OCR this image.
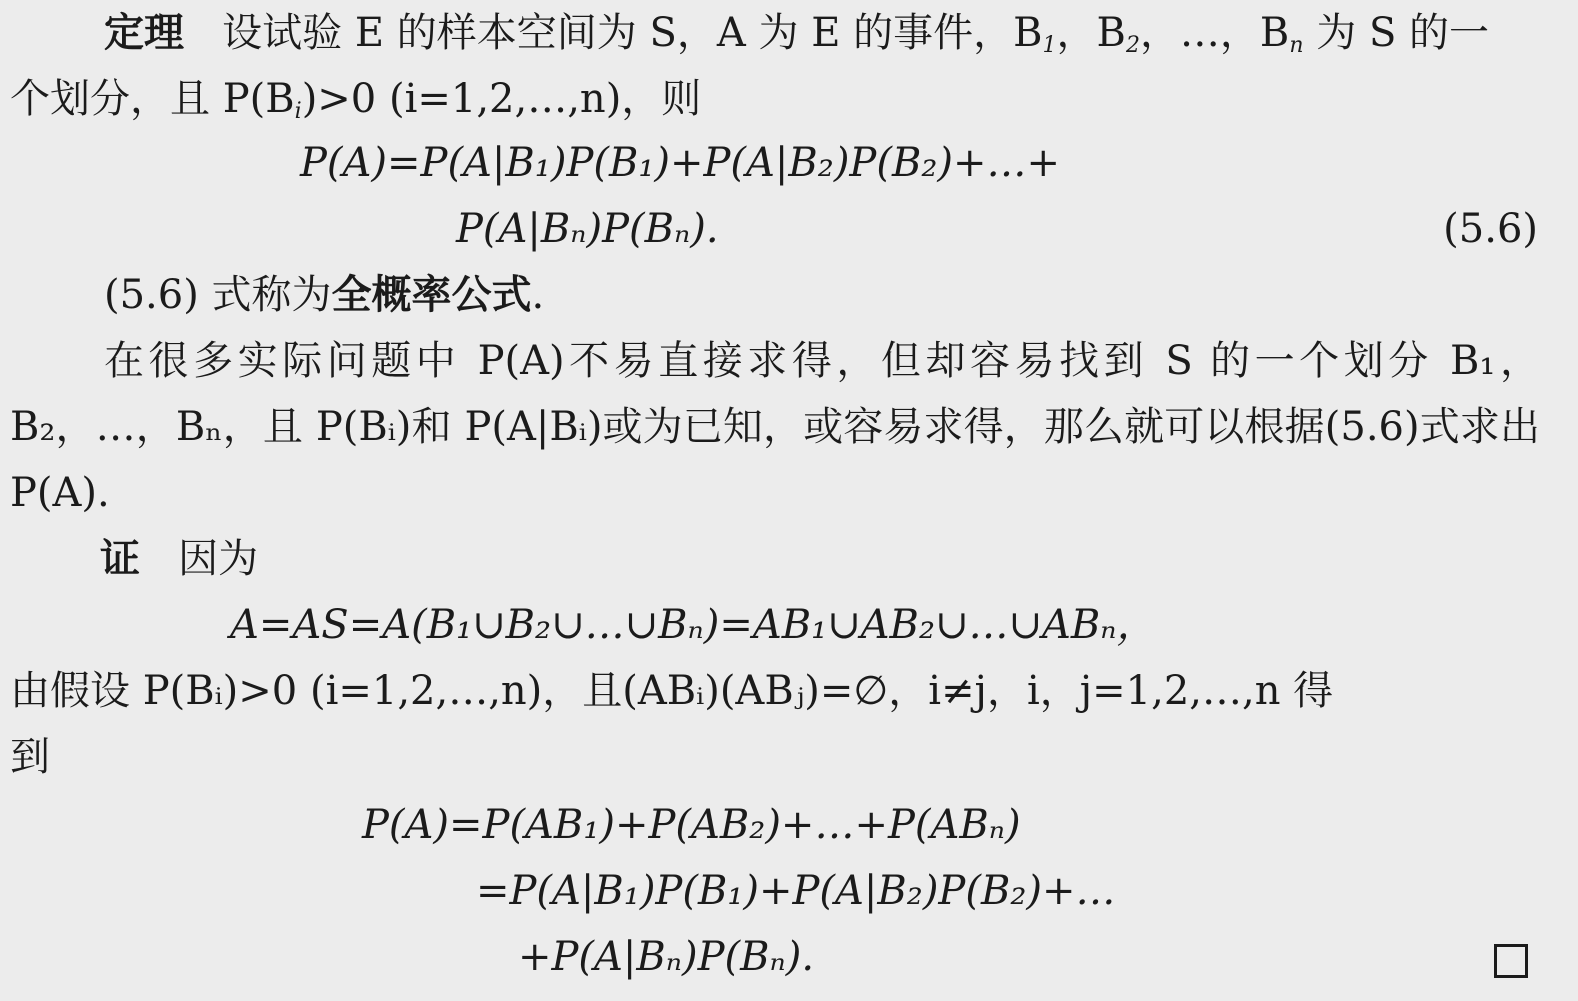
定理 设试验 E 的样本空间为 S，A 为 E 的事件，$B_1$，$B_2$，…，$B_n$ 为 S 的一
个划分，且 $P(B_i)>0$ (i=1,2,…,n)，则
P(A)=P(A|B₁)P(B₁)+P(A|B₂)P(B₂)+…+
P(A|Bₙ)P(Bₙ).	(5.6)
(5.6) 式称为全概率公式.
在很多实际问题中 P(A)不易直接求得，但却容易找到 S 的一个划分 B₁，B₂，…，Bₙ，且 P(Bᵢ)和 P(A|Bᵢ)或为已知，或容易求得，那么就可以根据(5.6)式求出 P(A).
证 因为
A=AS=A(B₁∪B₂∪…∪Bₙ)=AB₁∪AB₂∪…∪ABₙ，
由假设 P(Bᵢ)>0 (i=1,2,…,n)，且(ABᵢ)(ABⱼ)=∅，i≠j，i，j=1,2,…,n 得
到
P(A)=P(AB₁)+P(AB₂)+…+P(ABₙ)
=P(A|B₁)P(B₁)+P(A|B₂)P(B₂)+…
+P(A|Bₙ)P(Bₙ).
